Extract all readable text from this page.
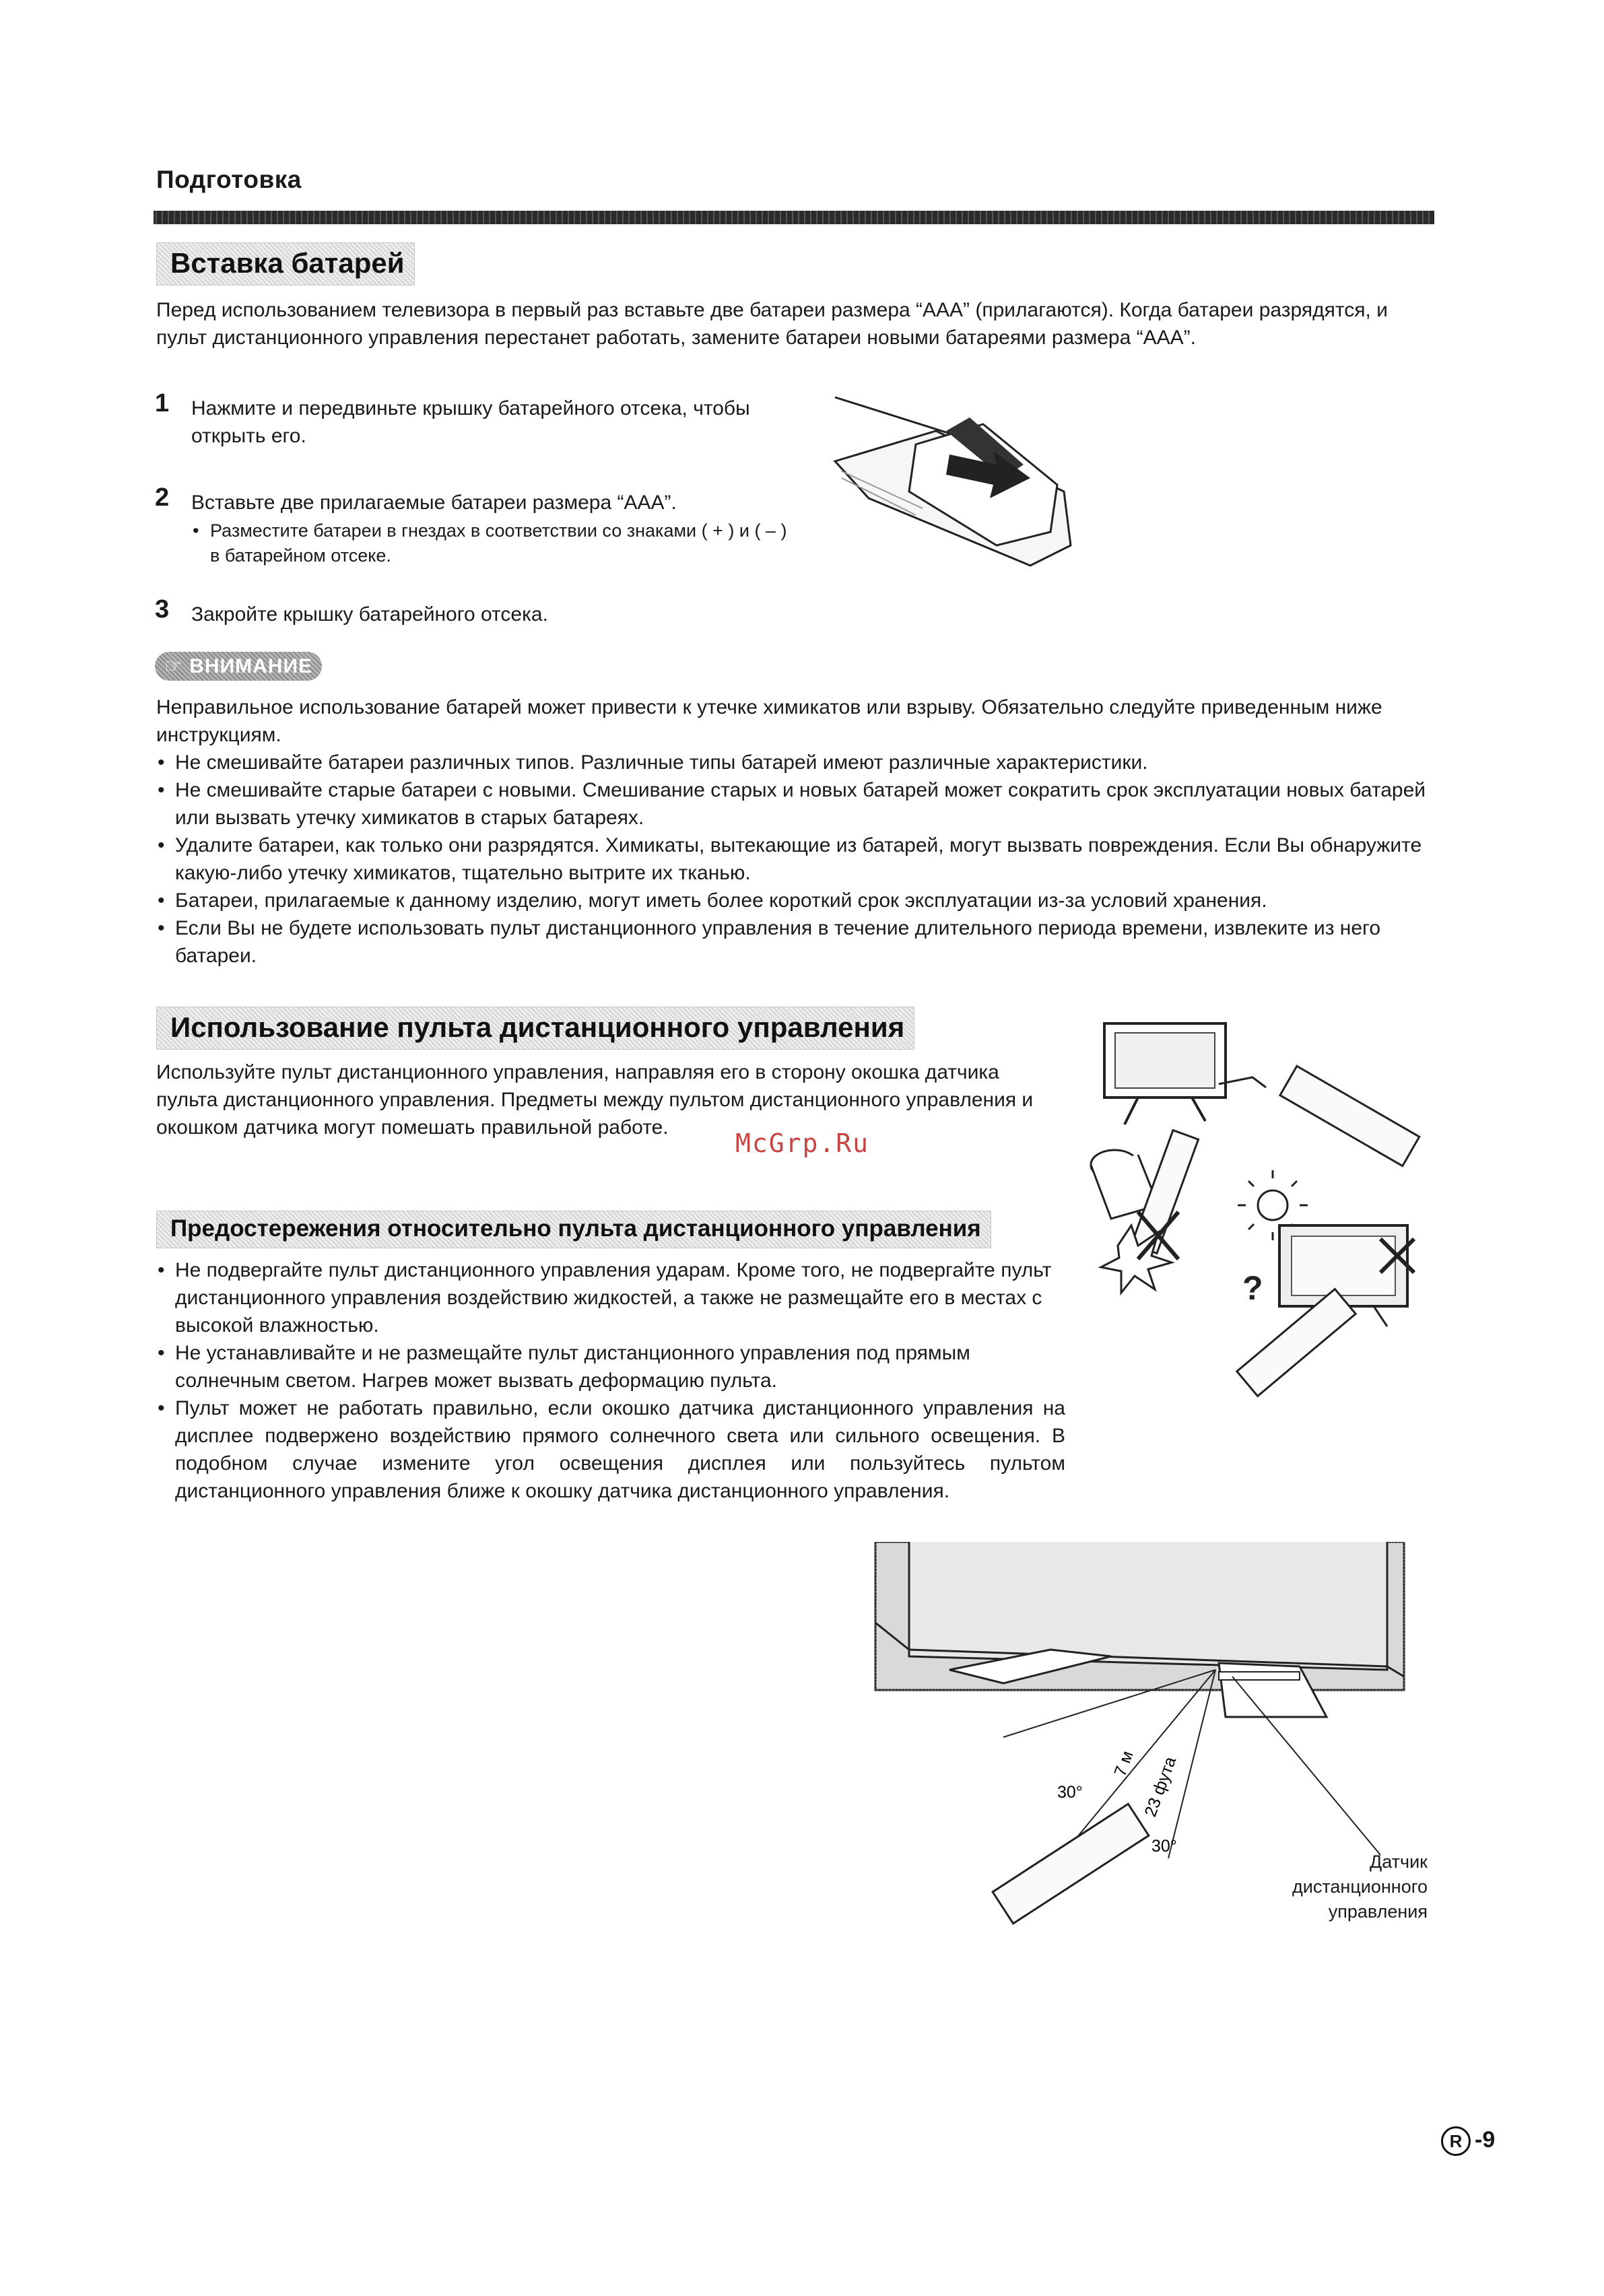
Подготовка
Вставка батарей
Перед использованием телевизора в первый раз вставьте две батареи размера “AAA” (прилагаются). Когда батареи разрядятся, и пульт дистанционного управления перестанет работать, замените батареи новыми батареями размера “AAA”.
1 Нажмите и передвиньте крышку батарейного отсека, чтобы открыть его.
2 Вставьте две прилагаемые батареи размера “AAA”.
• Разместите батареи в гнездах в соответствии со знаками ( + ) и ( – ) в батарейном отсеке.
3 Закройте крышку батарейного отсека.
☞ ВНИМАНИЕ
Неправильное использование батарей может привести к утечке химикатов или взрыву. Обязательно следуйте приведенным ниже инструкциям.
• Не смешивайте батареи различных типов. Различные типы батарей имеют различные характеристики.
• Не смешивайте старые батареи с новыми. Смешивание старых и новых батарей может сократить срок эксплуатации новых батарей или вызвать утечку химикатов в старых батареях.
• Удалите батареи, как только они разрядятся. Химикаты, вытекающие из батарей, могут вызвать повреждения. Если Вы обнаружите какую-либо утечку химикатов, тщательно вытрите их тканью.
• Батареи, прилагаемые к данному изделию, могут иметь более короткий срок эксплуатации из-за условий хранения.
• Если Вы не будете использовать пульт дистанционного управления в течение длительного периода времени, извлеките из него батареи.
Использование пульта дистанционного управления
Используйте пульт дистанционного управления, направляя его в сторону окошка датчика пульта дистанционного управления. Предметы между пультом дистанционного управления и окошком датчика могут помешать правильной работе.
McGrp.Ru
?
Предостережения относительно пульта дистанционного управления
• Не подвергайте пульт дистанционного управления ударам. Кроме того, не подвергайте пульт дистанционного управления воздействию жидкостей, а также не размещайте его в местах с высокой влажностью.
• Не устанавливайте и не размещайте пульт дистанционного управления под прямым солнечным светом. Нагрев может вызвать деформацию пульта.
• Пульт может не работать правильно, если окошко датчика дистанционного управления на дисплее подвержено воздействию прямого солнечного света или сильного освещения. В подобном случае измените угол освещения дисплея или пользуйтесь пультом дистанционного управления ближе к окошку датчика дистанционного управления.
30°
30°
7 м 23 фута
Датчик дистанционного управления
R -9
